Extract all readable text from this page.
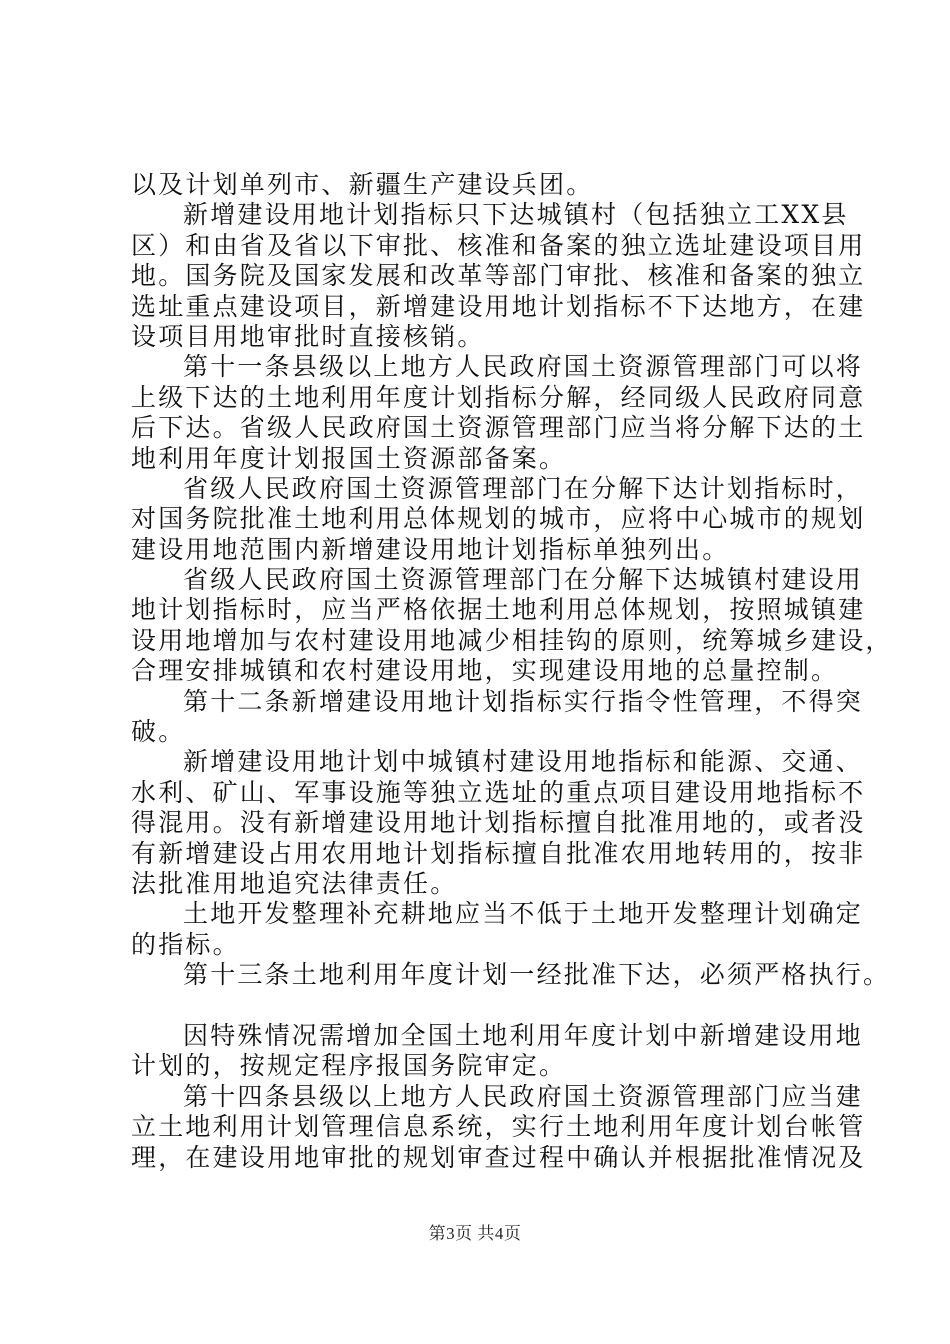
以及计划单列市、新疆生产建设兵团。
新增建设用地计划指标只下达城镇村（包括独立工XX县
区）和由省及省以下审批、核准和备案的独立选址建设项目用
地。国务院及国家发展和改革等部门审批、核准和备案的独立
选址重点建设项目，新增建设用地计划指标不下达地方，在建
设项目用地审批时直接核销。
第十一条县级以上地方人民政府国土资源管理部门可以将
上级下达的土地利用年度计划指标分解，经同级人民政府同意
后下达。省级人民政府国土资源管理部门应当将分解下达的土
地利用年度计划报国土资源部备案。
省级人民政府国土资源管理部门在分解下达计划指标时，
对国务院批准土地利用总体规划的城市，应将中心城市的规划
建设用地范围内新增建设用地计划指标单独列出。
省级人民政府国土资源管理部门在分解下达城镇村建设用
地计划指标时，应当严格依据土地利用总体规划，按照城镇建
设用地增加与农村建设用地减少相挂钩的原则，统筹城乡建设，
合理安排城镇和农村建设用地，实现建设用地的总量控制。
第十二条新增建设用地计划指标实行指令性管理，不得突
破。
新增建设用地计划中城镇村建设用地指标和能源、交通、
水利、矿山、军事设施等独立选址的重点项目建设用地指标不
得混用。没有新增建设用地计划指标擅自批准用地的，或者没
有新增建设占用农用地计划指标擅自批准农用地转用的，按非
法批准用地追究法律责任。
土地开发整理补充耕地应当不低于土地开发整理计划确定
的指标。
第十三条土地利用年度计划一经批准下达，必须严格执行。
因特殊情况需增加全国土地利用年度计划中新增建设用地
计划的，按规定程序报国务院审定。
第十四条县级以上地方人民政府国土资源管理部门应当建
立土地利用计划管理信息系统，实行土地利用年度计划台帐管
理，在建设用地审批的规划审查过程中确认并根据批准情况及
第3页 共4页
